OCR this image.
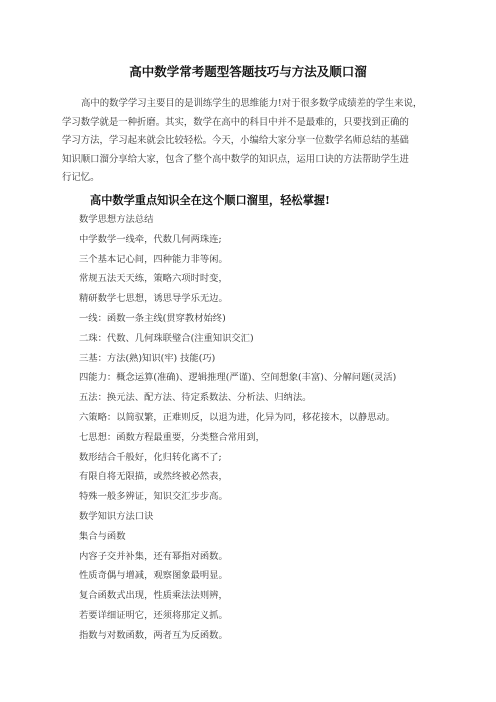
高中数学常考题型答题技巧与方法及顺口溜
高中的数学学习主要目的是训练学生的思维能力!对于很多数学成绩差的学生来说，
学习数学就是一种折磨。其实，数学在高中的科目中并不是最难的，只要找到正确的
学习方法，学习起来就会比较轻松。今天，小编给大家分享一位数学名师总结的基础
知识顺口溜分享给大家，包含了整个高中数学的知识点，运用口诀的方法帮助学生进
行记忆。
高中数学重点知识全在这个顺口溜里，轻松掌握!
数学思想方法总结
中学数学一线牵，代数几何两珠连;
三个基本记心间，四种能力非等闲。
常规五法天天练，策略六项时时变，
精研数学七思想，诱思导学乐无边。
一线：函数一条主线(贯穿教材始终)
二珠：代数、几何珠联璧合(注重知识交汇)
三基：方法(熟)知识(牢) 技能(巧)
四能力：概念运算(准确)、逻辑推理(严谨)、空间想象(丰富)、分解问题(灵活)
五法：换元法、配方法、待定系数法、分析法、归纳法。
六策略：以简驭繁，正难则反，以退为进，化异为同，移花接木，以静思动。
七思想：函数方程最重要，分类整合常用到，
数形结合千般好，化归转化离不了;
有限自将无限描，或然终被必然表，
特殊一般多辨证，知识交汇步步高。
数学知识方法口诀
集合与函数
内容子交并补集，还有幂指对函数。
性质奇偶与增减，观察图象最明显。
复合函数式出现，性质乘法法则辨，
若要详细证明它，还须将那定义抓。
指数与对数函数，两者互为反函数。
